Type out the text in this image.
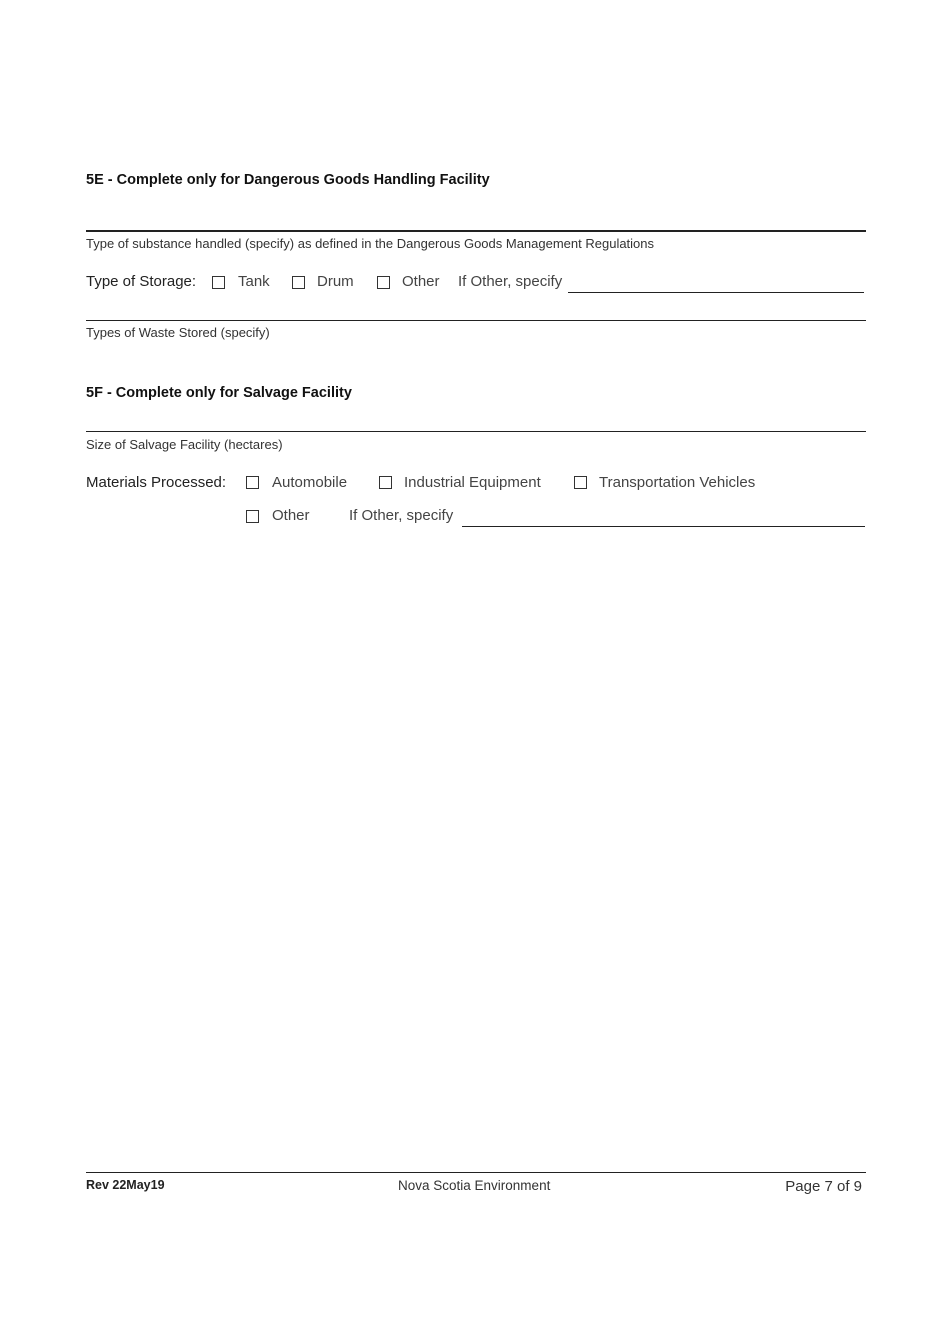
5E - Complete only for Dangerous Goods Handling Facility
Type of substance handled (specify) as defined in the Dangerous Goods Management Regulations
Type of Storage:	Tank	Drum	Other If Other, specify
Types of Waste Stored (specify)
5F - Complete only for Salvage Facility
Size of Salvage Facility (hectares)
Materials Processed:	Automobile	Industrial Equipment	Transportation Vehicles
Other	If Other, specify
Rev 22May19	Nova Scotia Environment	Page 7 of 9
